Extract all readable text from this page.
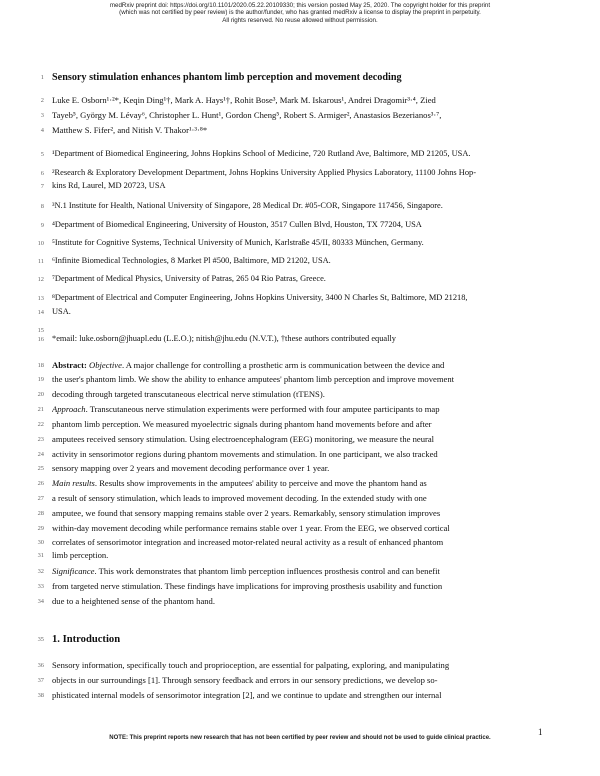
medRxiv preprint doi: https://doi.org/10.1101/2020.05.22.20109330; this version posted May 25, 2020. The copyright holder for this preprint
(which was not certified by peer review) is the author/funder, who has granted medRxiv a license to display the preprint in perpetuity.
All rights reserved. No reuse allowed without permission.
1 Sensory stimulation enhances phantom limb perception and movement decoding
2 Luke E. Osborn¹·²*, Keqin Ding¹†, Mark A. Hays¹†, Rohit Bose³, Mark M. Iskarous¹, Andrei Dragomir³·⁴, Zied
3 Tayeb⁵, György M. Lévay⁶, Christopher L. Hunt¹, Gordon Cheng⁵, Robert S. Armiger², Anastasios Bezerianos³·⁷,
4 Matthew S. Fifer², and Nitish V. Thakor¹·³·⁸*
5 ¹Department of Biomedical Engineering, Johns Hopkins School of Medicine, 720 Rutland Ave, Baltimore, MD 21205, USA.
6 ²Research & Exploratory Development Department, Johns Hopkins University Applied Physics Laboratory, 11100 Johns Hop-
7 kins Rd, Laurel, MD 20723, USA
8 ³N.1 Institute for Health, National University of Singapore, 28 Medical Dr. #05-COR, Singapore 117456, Singapore.
9 ⁴Department of Biomedical Engineering, University of Houston, 3517 Cullen Blvd, Houston, TX 77204, USA
10 ⁵Institute for Cognitive Systems, Technical University of Munich, Karlstraße 45/II, 80333 München, Germany.
11 ⁶Infinite Biomedical Technologies, 8 Market Pl #500, Baltimore, MD 21202, USA.
12 ⁷Department of Medical Physics, University of Patras, 265 04 Rio Patras, Greece.
13 ⁸Department of Electrical and Computer Engineering, Johns Hopkins University, 3400 N Charles St, Baltimore, MD 21218,
14 USA.
15
16 *email: luke.osborn@jhuapl.edu (L.E.O.); nitish@jhu.edu (N.V.T.), †these authors contributed equally
18 Abstract: Objective. A major challenge for controlling a prosthetic arm is communication between the device and
19 the user's phantom limb. We show the ability to enhance amputees' phantom limb perception and improve movement
20 decoding through targeted transcutaneous electrical nerve stimulation (tTENS).
21 Approach. Transcutaneous nerve stimulation experiments were performed with four amputee participants to map
22 phantom limb perception. We measured myoelectric signals during phantom hand movements before and after
23 amputees received sensory stimulation. Using electroencephalogram (EEG) monitoring, we measure the neural
24 activity in sensorimotor regions during phantom movements and stimulation. In one participant, we also tracked
25 sensory mapping over 2 years and movement decoding performance over 1 year.
26 Main results. Results show improvements in the amputees' ability to perceive and move the phantom hand as
27 a result of sensory stimulation, which leads to improved movement decoding. In the extended study with one
28 amputee, we found that sensory mapping remains stable over 2 years. Remarkably, sensory stimulation improves
29 within-day movement decoding while performance remains stable over 1 year. From the EEG, we observed cortical
30 correlates of sensorimotor integration and increased motor-related neural activity as a result of enhanced phantom
31 limb perception.
32 Significance. This work demonstrates that phantom limb perception influences prosthesis control and can benefit
33 from targeted nerve stimulation. These findings have implications for improving prosthesis usability and function
34 due to a heightened sense of the phantom hand.
35 1. Introduction
36 Sensory information, specifically touch and proprioception, are essential for palpating, exploring, and manipulating
37 objects in our surroundings [1]. Through sensory feedback and errors in our sensory predictions, we develop so-
38 phisticated internal models of sensorimotor integration [2], and we continue to update and strengthen our internal
1
NOTE: This preprint reports new research that has not been certified by peer review and should not be used to guide clinical practice.
